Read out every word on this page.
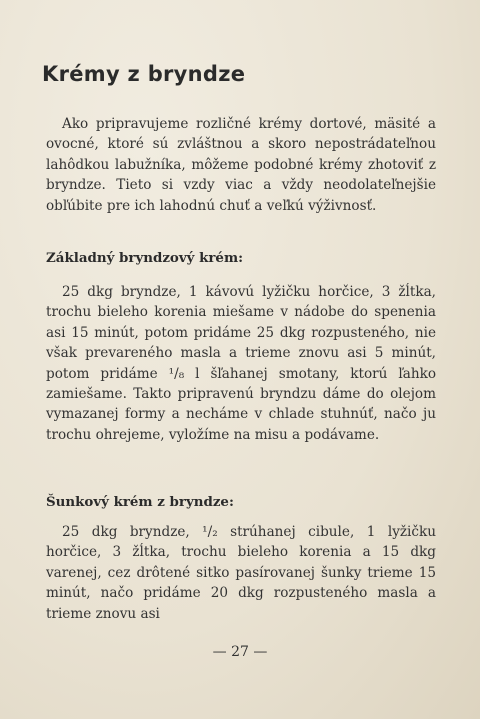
Krémy z bryndze
Ako pripravujeme rozličné krémy dortové, mäsité a ovocné, ktoré sú zvláštnou a skoro nepostrádateľnou lahôdkou labužníka, môžeme podobné krémy zhotoviť z bryndze. Tieto si vzdy viac a vždy neodolateľnejšie obľúbite pre ich lahodnú chuť a veľkú výživnosť.
Základný bryndzový krém:
25 dkg bryndze, 1 kávovú lyžičku horčice, 3 žĺtka, trochu bieleho korenia miešame v nádobe do spenenia asi 15 minút, potom pridáme 25 dkg rozpusteného, nie však prevareného masla a trieme znovu asi 5 minút, potom pridáme ¹/₈ l šľahanej smotany, ktorú ľahko zamiešame. Takto pripravenú bryndzu dáme do olejom vymazanej formy a necháme v chlade stuhnúť, načo ju trochu ohrejeme, vyložíme na misu a podávame.
Šunkový krém z bryndze:
25 dkg bryndze, ¹/₂ strúhanej cibule, 1 lyžičku horčice, 3 žĺtka, trochu bieleho korenia a 15 dkg varenej, cez drôtené sitko pasírovanej šunky trieme 15 minút, načo pridáme 20 dkg rozpusteného masla a trieme znovu asi
— 27 —
